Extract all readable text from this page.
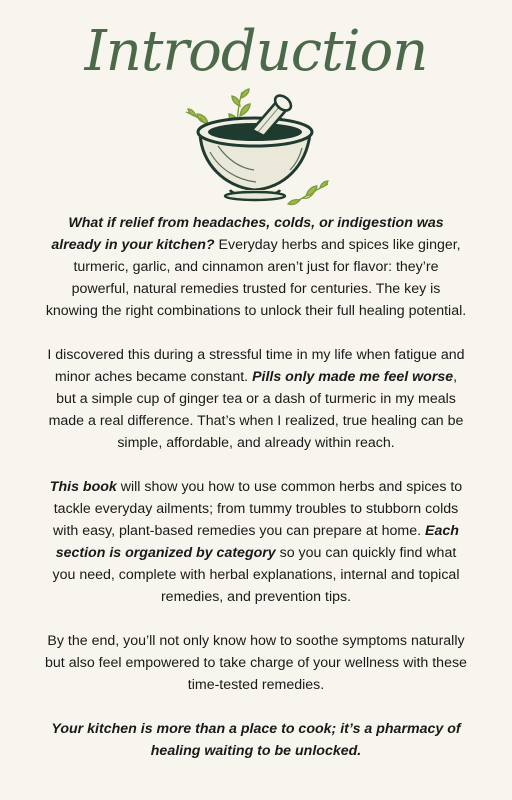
Introduction

What if relief from headaches, colds, or indigestion was already in your kitchen? Everyday herbs and spices like ginger, turmeric, garlic, and cinnamon aren’t just for flavor: they’re powerful, natural remedies trusted for centuries. The key is knowing the right combinations to unlock their full healing potential.

I discovered this during a stressful time in my life when fatigue and minor aches became constant. Pills only made me feel worse, but a simple cup of ginger tea or a dash of turmeric in my meals made a real difference. That’s when I realized, true healing can be simple, affordable, and already within reach.

This book will show you how to use common herbs and spices to tackle everyday ailments; from tummy troubles to stubborn colds with easy, plant-based remedies you can prepare at home. Each section is organized by category so you can quickly find what you need, complete with herbal explanations, internal and topical remedies, and prevention tips.

By the end, you’ll not only know how to soothe symptoms naturally but also feel empowered to take charge of your wellness with these time-tested remedies.

Your kitchen is more than a place to cook; it’s a pharmacy of healing waiting to be unlocked.
